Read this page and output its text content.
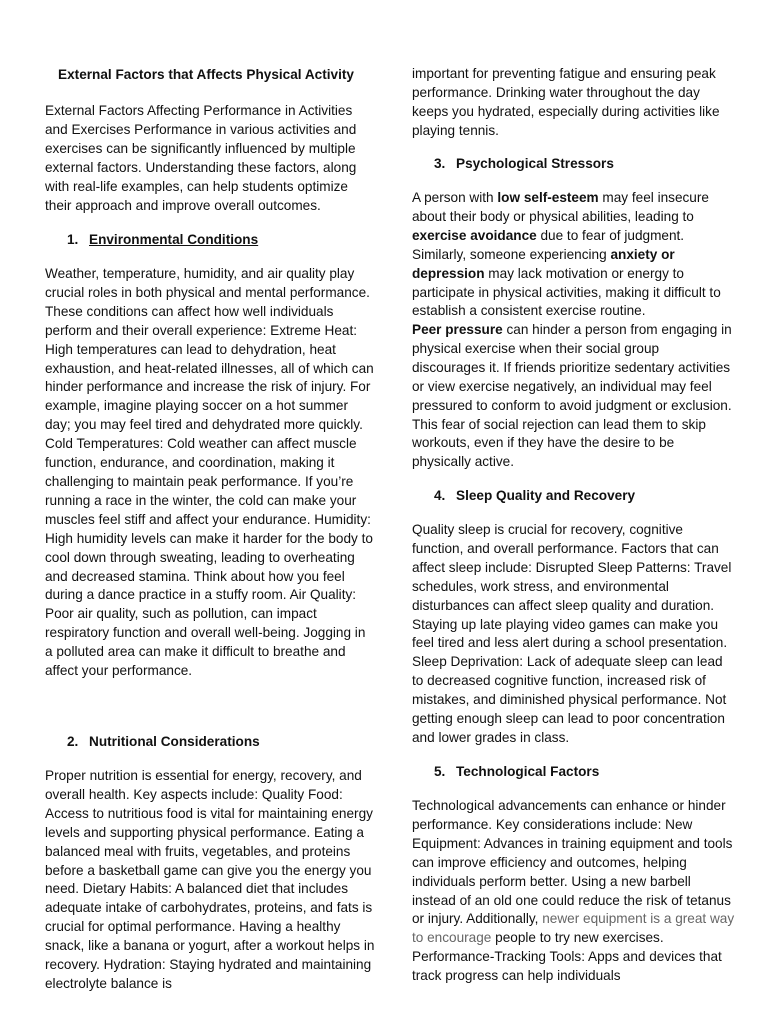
External Factors that Affects Physical Activity

External Factors Affecting Performance in Activities and Exercises Performance in various activities and exercises can be significantly influenced by multiple external factors. Understanding these factors, along with real-life examples, can help students optimize their approach and improve overall outcomes.

1. Environmental Conditions

Weather, temperature, humidity, and air quality play crucial roles in both physical and mental performance. These conditions can affect how well individuals perform and their overall experience: Extreme Heat: High temperatures can lead to dehydration, heat exhaustion, and heat-related illnesses, all of which can hinder performance and increase the risk of injury. For example, imagine playing soccer on a hot summer day; you may feel tired and dehydrated more quickly. Cold Temperatures: Cold weather can affect muscle function, endurance, and coordination, making it challenging to maintain peak performance. If you’re running a race in the winter, the cold can make your muscles feel stiff and affect your endurance. Humidity: High humidity levels can make it harder for the body to cool down through sweating, leading to overheating and decreased stamina. Think about how you feel during a dance practice in a stuffy room. Air Quality: Poor air quality, such as pollution, can impact respiratory function and overall well-being. Jogging in a polluted area can make it difficult to breathe and affect your performance.

2. Nutritional Considerations

Proper nutrition is essential for energy, recovery, and overall health. Key aspects include: Quality Food: Access to nutritious food is vital for maintaining energy levels and supporting physical performance. Eating a balanced meal with fruits, vegetables, and proteins before a basketball game can give you the energy you need. Dietary Habits: A balanced diet that includes adequate intake of carbohydrates, proteins, and fats is crucial for optimal performance. Having a healthy snack, like a banana or yogurt, after a workout helps in recovery. Hydration: Staying hydrated and maintaining electrolyte balance is

important for preventing fatigue and ensuring peak performance. Drinking water throughout the day keeps you hydrated, especially during activities like playing tennis.

3. Psychological Stressors

A person with low self-esteem may feel insecure about their body or physical abilities, leading to exercise avoidance due to fear of judgment. Similarly, someone experiencing anxiety or depression may lack motivation or energy to participate in physical activities, making it difficult to establish a consistent exercise routine.

Peer pressure can hinder a person from engaging in physical exercise when their social group discourages it. If friends prioritize sedentary activities or view exercise negatively, an individual may feel pressured to conform to avoid judgment or exclusion. This fear of social rejection can lead them to skip workouts, even if they have the desire to be physically active.

4. Sleep Quality and Recovery

Quality sleep is crucial for recovery, cognitive function, and overall performance. Factors that can affect sleep include: Disrupted Sleep Patterns: Travel schedules, work stress, and environmental disturbances can affect sleep quality and duration. Staying up late playing video games can make you feel tired and less alert during a school presentation. Sleep Deprivation: Lack of adequate sleep can lead to decreased cognitive function, increased risk of mistakes, and diminished physical performance. Not getting enough sleep can lead to poor concentration and lower grades in class.

5. Technological Factors

Technological advancements can enhance or hinder performance. Key considerations include: New Equipment: Advances in training equipment and tools can improve efficiency and outcomes, helping individuals perform better. Using a new barbell instead of an old one could reduce the risk of tetanus or injury. Additionally, newer equipment is a great way to encourage people to try new exercises. Performance-Tracking Tools: Apps and devices that track progress can help individuals
